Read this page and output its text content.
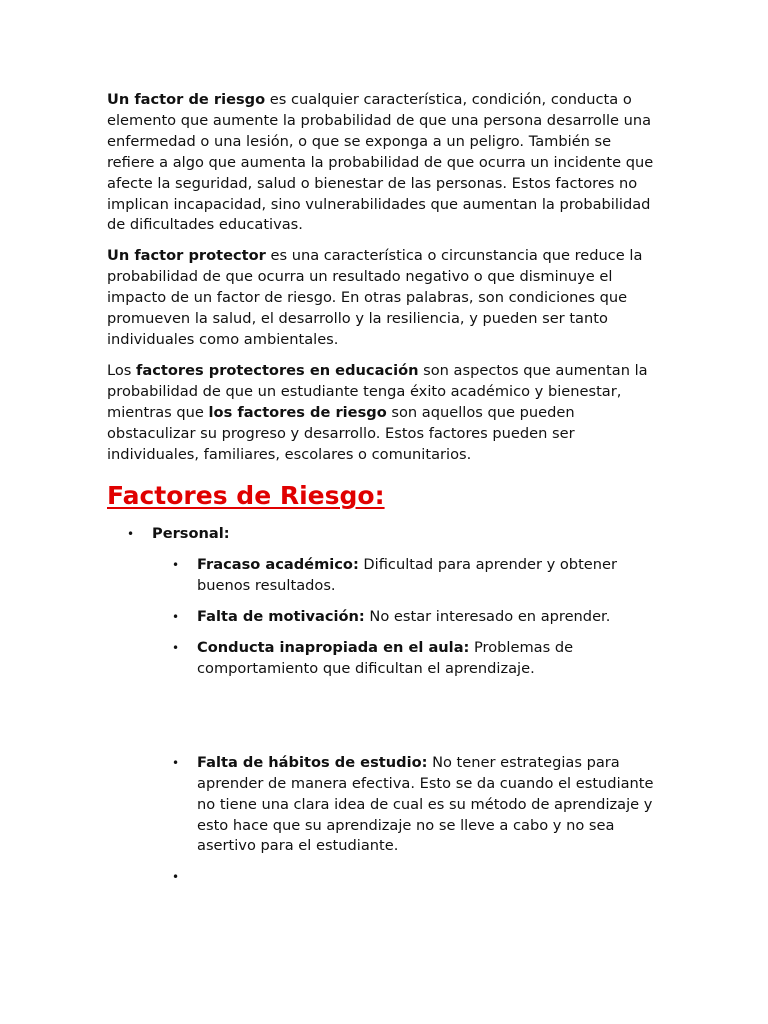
Un factor de riesgo es cualquier característica, condición, conducta o elemento que aumente la probabilidad de que una persona desarrolle una enfermedad o una lesión, o que se exponga a un peligro. También se refiere a algo que aumenta la probabilidad de que ocurra un incidente que afecte la seguridad, salud o bienestar de las personas. Estos factores no implican incapacidad, sino vulnerabilidades que aumentan la probabilidad de dificultades educativas.

Un factor protector es una característica o circunstancia que reduce la probabilidad de que ocurra un resultado negativo o que disminuye el impacto de un factor de riesgo. En otras palabras, son condiciones que promueven la salud, el desarrollo y la resiliencia, y pueden ser tanto individuales como ambientales.

Los factores protectores en educación son aspectos que aumentan la probabilidad de que un estudiante tenga éxito académico y bienestar, mientras que los factores de riesgo son aquellos que pueden obstaculizar su progreso y desarrollo. Estos factores pueden ser individuales, familiares, escolares o comunitarios.

Factores de Riesgo:
• Personal:
• Fracaso académico: Dificultad para aprender y obtener buenos resultados.
• Falta de motivación: No estar interesado en aprender.
• Conducta inapropiada en el aula: Problemas de comportamiento que dificultan el aprendizaje.
• Falta de hábitos de estudio: No tener estrategias para aprender de manera efectiva. Esto se da cuando el estudiante no tiene una clara idea de cual es su método de aprendizaje y esto hace que su aprendizaje no se lleve a cabo y no sea asertivo para el estudiante.
•
